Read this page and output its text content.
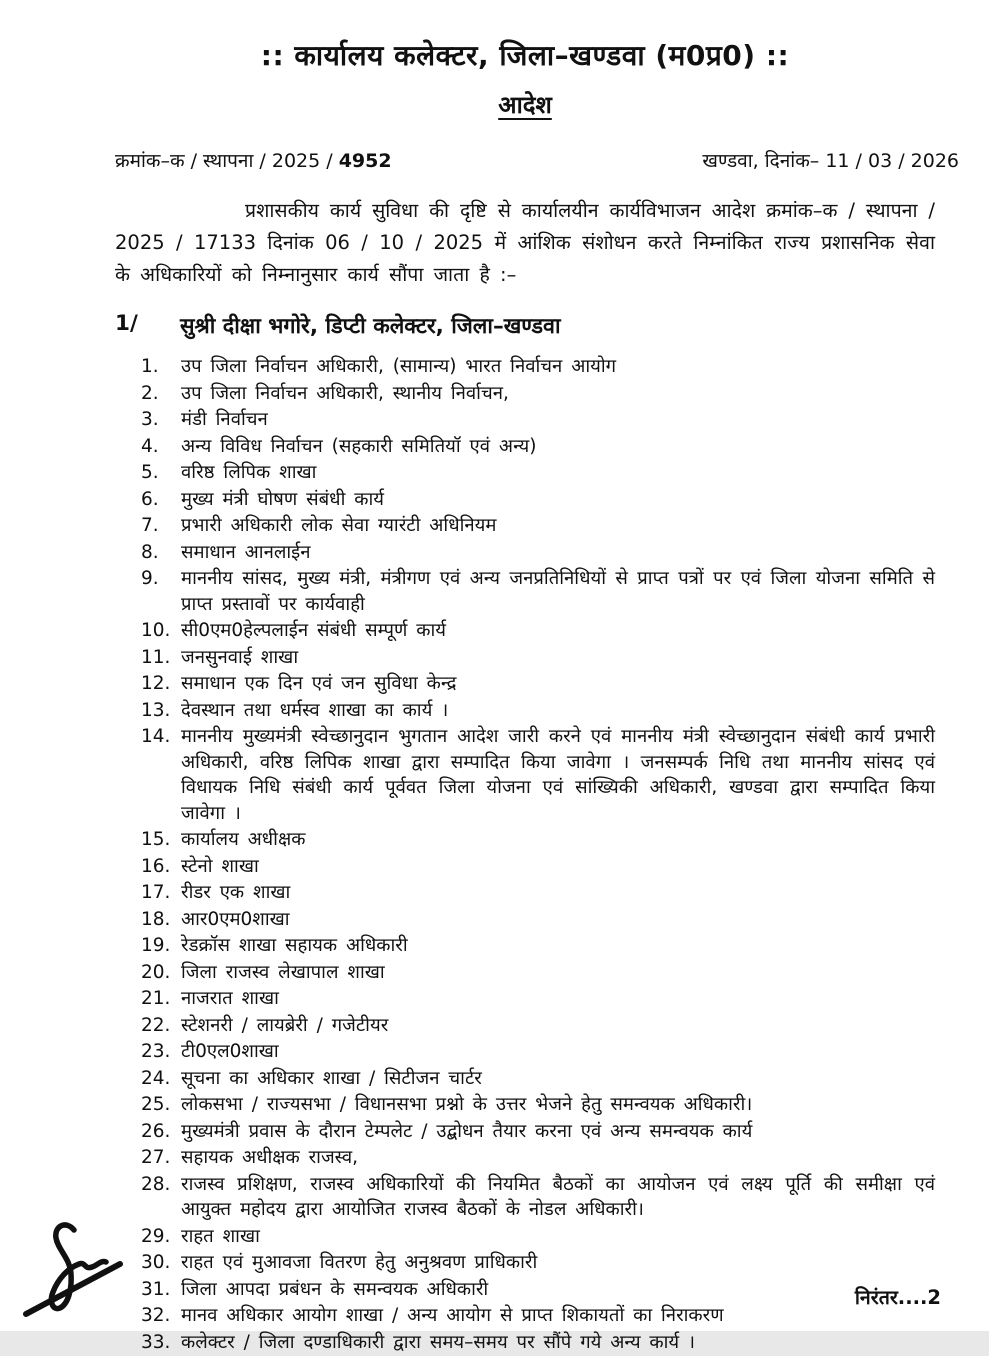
:: कार्यालय कलेक्टर, जिला–खण्डवा (म0प्र0) ::
आदेश
क्रमांक–क / स्थापना / 2025 / 4952	खण्डवा, दिनांक– 11 / 03 / 2026

प्रशासकीय कार्य सुविधा की दृष्टि से कार्यालयीन कार्यविभाजन आदेश क्रमांक–क / स्थापना / 2025 / 17133 दिनांक 06 / 10 / 2025 में आंशिक संशोधन करते निम्नांकित राज्य प्रशासनिक सेवा के अधिकारियों को निम्नानुसार कार्य सौंपा जाता है :–

1/	सुश्री दीक्षा भगोरे, डिप्टी कलेक्टर, जिला–खण्डवा
1.	उप जिला निर्वाचन अधिकारी, (सामान्य) भारत निर्वाचन आयोग
2.	उप जिला निर्वाचन अधिकारी, स्थानीय निर्वाचन,
3.	मंडी निर्वाचन
4.	अन्य विविध निर्वाचन (सहकारी समितियॉ एवं अन्य)
5.	वरिष्ठ लिपिक शाखा
6.	मुख्य मंत्री घोषण संबंधी कार्य
7.	प्रभारी अधिकारी लोक सेवा ग्यारंटी अधिनियम
8.	समाधान आनलाईन
9.	माननीय सांसद, मुख्य मंत्री, मंत्रीगण एवं अन्य जनप्रतिनिधियों से प्राप्त पत्रों पर एवं जिला योजना समिति से प्राप्त प्रस्तावों पर कार्यवाही
10. सी0एम0हेल्पलाईन संबंधी सम्पूर्ण कार्य
11. जनसुनवाई शाखा
12. समाधान एक दिन एवं जन सुविधा केन्द्र
13. देवस्थान तथा धर्मस्व शाखा का कार्य ।
14. माननीय मुख्यमंत्री स्वेच्छानुदान भुगतान आदेश जारी करने एवं माननीय मंत्री स्वेच्छानुदान संबंधी कार्य प्रभारी अधिकारी, वरिष्ठ लिपिक शाखा द्वारा सम्पादित किया जावेगा । जनसम्पर्क निधि तथा माननीय सांसद एवं विधायक निधि संबंधी कार्य पूर्ववत जिला योजना एवं सांख्यिकी अधिकारी, खण्डवा द्वारा सम्पादित किया जावेगा ।
15. कार्यालय अधीक्षक
16. स्टेनो शाखा
17. रीडर एक शाखा
18. आर0एम0शाखा
19. रेडक्रॉस शाखा सहायक अधिकारी
20. जिला राजस्व लेखापाल शाखा
21. नाजरात शाखा
22. स्टेशनरी / लायब्रेरी / गजेटीयर
23. टी0एल0शाखा
24. सूचना का अधिकार शाखा / सिटीजन चार्टर
25. लोकसभा / राज्यसभा / विधानसभा प्रश्नो के उत्तर भेजने हेतु समन्वयक अधिकारी।
26. मुख्यमंत्री प्रवास के दौरान टेम्पलेट / उद्बोधन तैयार करना एवं अन्य समन्वयक कार्य
27. सहायक अधीक्षक राजस्व,
28. राजस्व प्रशिक्षण, राजस्व अधिकारियों की नियमित बैठकों का आयोजन एवं लक्ष्य पूर्ति की समीक्षा एवं आयुक्त महोदय द्वारा आयोजित राजस्व बैठकों के नोडल अधिकारी।
29. राहत शाखा
30. राहत एवं मुआवजा वितरण हेतु अनुश्रवण प्राधिकारी
31. जिला आपदा प्रबंधन के समन्वयक अधिकारी
32. मानव अधिकार आयोग शाखा / अन्य आयोग से प्राप्त शिकायतों का निराकरण
33. कलेक्टर / जिला दण्डाधिकारी द्वारा समय–समय पर सौंपे गये अन्य कार्य ।
निरंतर....2
